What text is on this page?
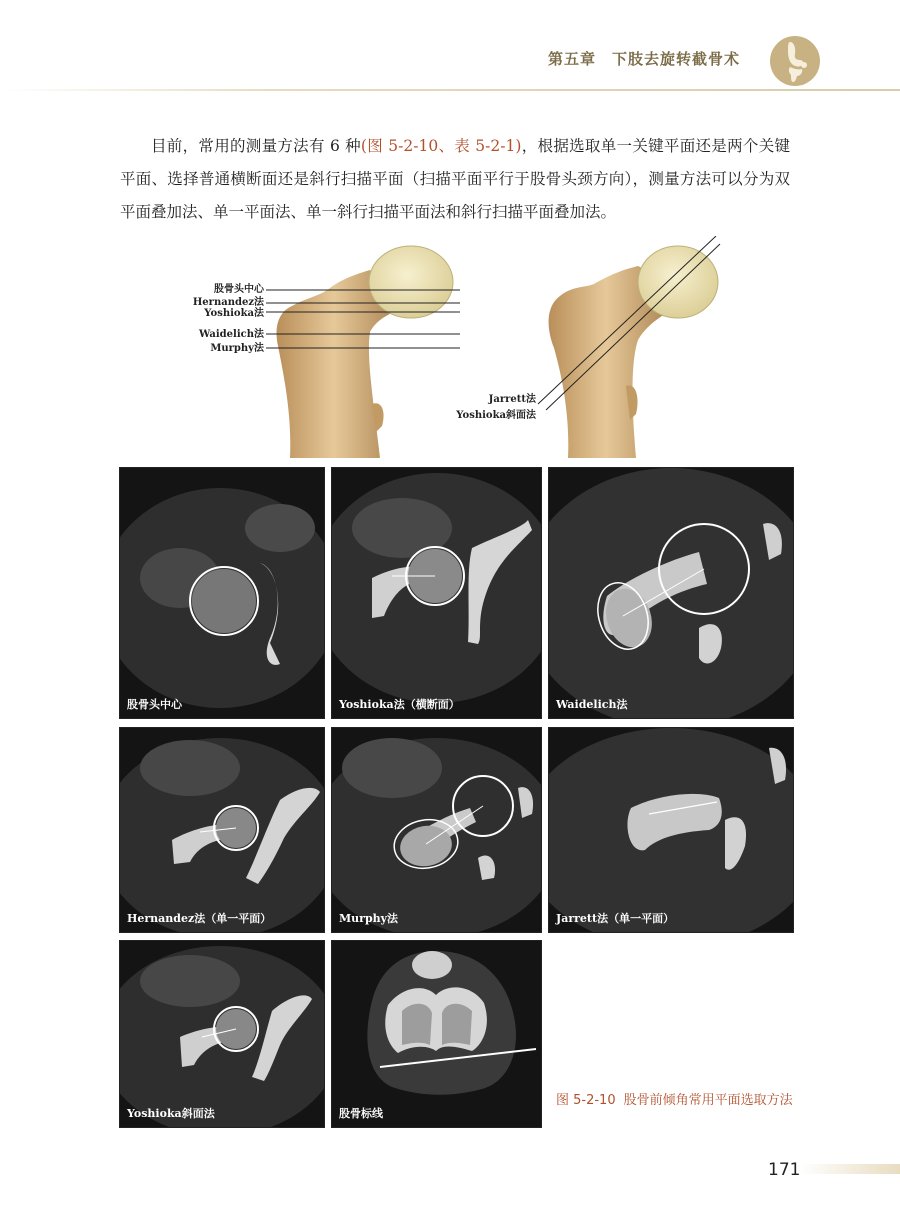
第五章　下肢去旋转截骨术

目前，常用的测量方法有 6 种(图 5-2-10、表 5-2-1)，根据选取单一关键平面还是两个关键平面、选择普通横断面还是斜行扫描平面（扫描平面平行于股骨头颈方向），测量方法可以分为双平面叠加法、单一平面法、单一斜行扫描平面法和斜行扫描平面叠加法。

股骨头中心
Hernandez法
Yoshioka法
Waidelich法
Murphy法
Jarrett法
Yoshioka斜面法
股骨头中心	Yoshioka法（横断面）	Waidelich法
Hernandez法（单一平面）	Murphy法	Jarrett法（单一平面）
Yoshioka斜面法	股骨标线
图 5-2-10 股骨前倾角常用平面选取方法
171
